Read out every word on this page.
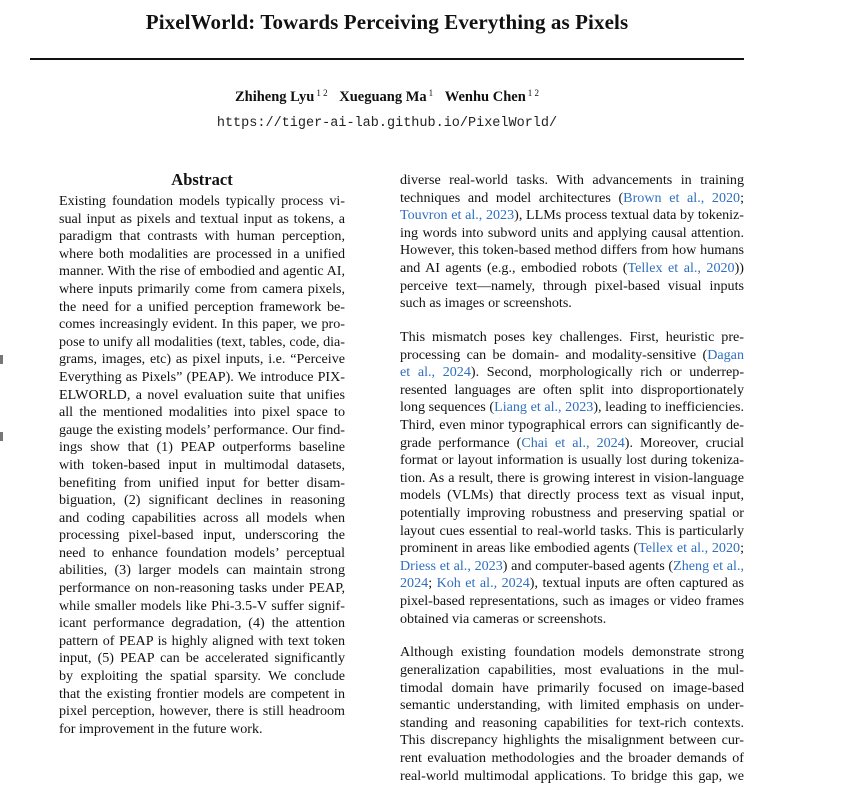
PixelWorld: Towards Perceiving Everything as Pixels
Zhiheng Lyu $^{1 2}$ Xueguang Ma $^1$ Wenhu Chen $^{1 2}$
https://tiger-ai-lab.github.io/PixelWorld/
Abstract
Existing foundation models typically process vi-
sual input as pixels and textual input as tokens, a
paradigm that contrasts with human perception,
where both modalities are processed in a unified
manner. With the rise of embodied and agentic AI,
where inputs primarily come from camera pixels,
the need for a unified perception framework be-
comes increasingly evident. In this paper, we pro-
pose to unify all modalities (text, tables, code, dia-
grams, images, etc) as pixel inputs, i.e. “Perceive
Everything as Pixels” (PEAP). We introduce PIX-
ELWORLD, a novel evaluation suite that unifies
all the mentioned modalities into pixel space to
gauge the existing models’ performance. Our find-
ings show that (1) PEAP outperforms baseline
with token-based input in multimodal datasets,
benefiting from unified input for better disam-
biguation, (2) significant declines in reasoning
and coding capabilities across all models when
processing pixel-based input, underscoring the
need to enhance foundation models’ perceptual
abilities, (3) larger models can maintain strong
performance on non-reasoning tasks under PEAP,
while smaller models like Phi-3.5-V suffer signif-
icant performance degradation, (4) the attention
pattern of PEAP is highly aligned with text token
input, (5) PEAP can be accelerated significantly
by exploiting the spatial sparsity. We conclude
that the existing frontier models are competent in
pixel perception, however, there is still headroom
for improvement in the future work.
diverse real-world tasks. With advancements in training
techniques and model architectures (Brown et al., 2020;
Touvron et al., 2023), LLMs process textual data by tokeniz-
ing words into subword units and applying causal attention.
However, this token-based method differs from how humans
and AI agents (e.g., embodied robots (Tellex et al., 2020))
perceive text—namely, through pixel-based visual inputs
such as images or screenshots.
This mismatch poses key challenges. First, heuristic pre-
processing can be domain- and modality-sensitive (Dagan
et al., 2024). Second, morphologically rich or underrep-
resented languages are often split into disproportionately
long sequences (Liang et al., 2023), leading to inefficiencies.
Third, even minor typographical errors can significantly de-
grade performance (Chai et al., 2024). Moreover, crucial
format or layout information is usually lost during tokeniza-
tion. As a result, there is growing interest in vision-language
models (VLMs) that directly process text as visual input,
potentially improving robustness and preserving spatial or
layout cues essential to real-world tasks. This is particularly
prominent in areas like embodied agents (Tellex et al., 2020;
Driess et al., 2023) and computer-based agents (Zheng et al.,
2024; Koh et al., 2024), textual inputs are often captured as
pixel-based representations, such as images or video frames
obtained via cameras or screenshots.
Although existing foundation models demonstrate strong
generalization capabilities, most evaluations in the mul-
timodal domain have primarily focused on image-based
semantic understanding, with limited emphasis on under-
standing and reasoning capabilities for text-rich contexts.
This discrepancy highlights the misalignment between cur-
rent evaluation methodologies and the broader demands of
real-world multimodal applications. To bridge this gap, we
